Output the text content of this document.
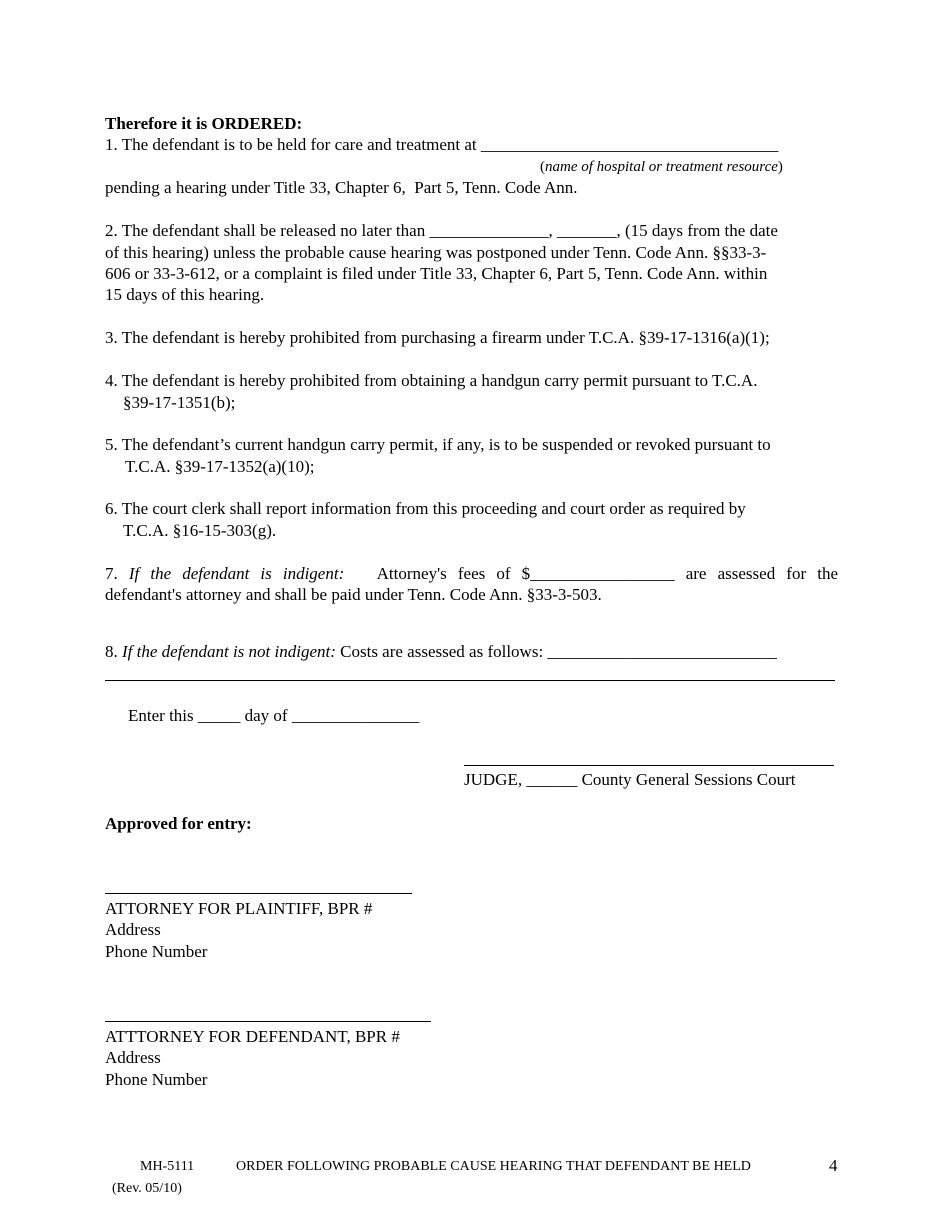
Therefore it is ORDERED:
1. The defendant is to be held for care and treatment at ___________________________________
(name of hospital or treatment resource)
pending a hearing under Title 33, Chapter 6,  Part 5, Tenn. Code Ann.
2. The defendant shall be released no later than ______________, _______, (15 days from the date
of this hearing) unless the probable cause hearing was postponed under Tenn. Code Ann. §§33-3-
606 or 33-3-612, or a complaint is filed under Title 33, Chapter 6, Part 5, Tenn. Code Ann. within
15 days of this hearing.
3. The defendant is hereby prohibited from purchasing a firearm under T.C.A. §39-17-1316(a)(1);
4. The defendant is hereby prohibited from obtaining a handgun carry permit pursuant to T.C.A.
§39-17-1351(b);
5. The defendant’s current handgun carry permit, if any, is to be suspended or revoked pursuant to
T.C.A. §39-17-1352(a)(10);
6. The court clerk shall report information from this proceeding and court order as required by
T.C.A. §16-15-303(g).
7. If the defendant is indigent: Attorney's fees of $_________________ are assessed for the
defendant's attorney and shall be paid under Tenn. Code Ann. §33-3-503.
8. If the defendant is not indigent: Costs are assessed as follows: ___________________________
Enter this _____ day of _______________
JUDGE, ______ County General Sessions Court
Approved for entry:
ATTORNEY FOR PLAINTIFF, BPR #
Address
Phone Number
ATTTORNEY FOR DEFENDANT, BPR #
Address
Phone Number
MH-5111	ORDER FOLLOWING PROBABLE CAUSE HEARING THAT DEFENDANT BE HELD	4
(Rev. 05/10)
